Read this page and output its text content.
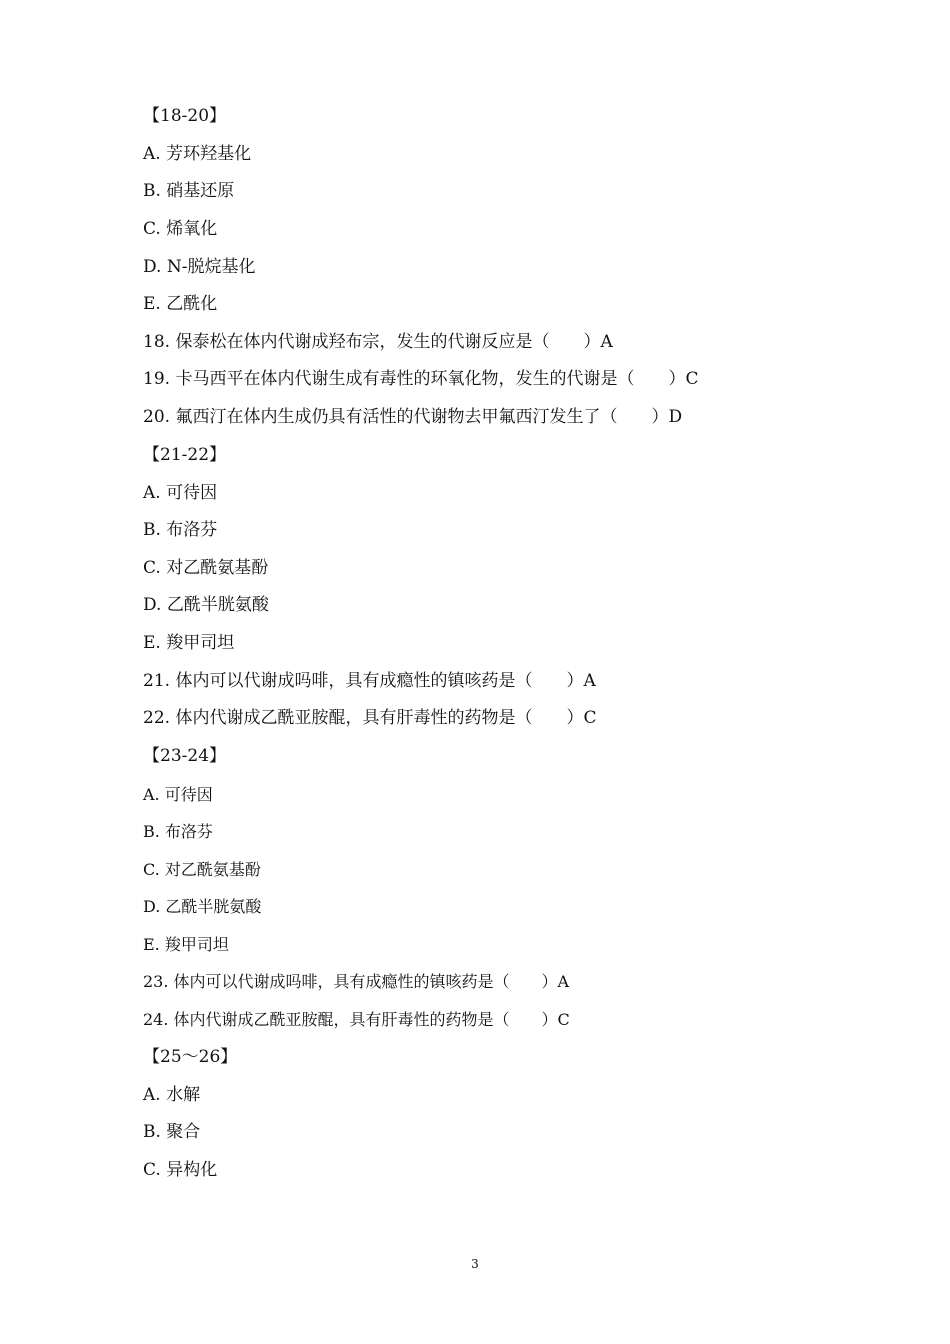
【18-20】
A. 芳环羟基化
B. 硝基还原
C. 烯氧化
D. N-脱烷基化
E. 乙酰化
18. 保泰松在体内代谢成羟布宗，发生的代谢反应是（　　）A
19. 卡马西平在体内代谢生成有毒性的环氧化物，发生的代谢是（　　）C
20. 氟西汀在体内生成仍具有活性的代谢物去甲氟西汀发生了（　　）D
【21-22】
A. 可待因
B. 布洛芬
C. 对乙酰氨基酚
D. 乙酰半胱氨酸
E. 羧甲司坦
21. 体内可以代谢成吗啡，具有成瘾性的镇咳药是（　　）A
22. 体内代谢成乙酰亚胺醌，具有肝毒性的药物是（　　）C
【23-24】
A. 可待因
B. 布洛芬
C. 对乙酰氨基酚
D. 乙酰半胱氨酸
E. 羧甲司坦
23. 体内可以代谢成吗啡，具有成瘾性的镇咳药是（　　）A
24. 体内代谢成乙酰亚胺醌，具有肝毒性的药物是（　　）C
【25～26】
A. 水解
B. 聚合
C. 异构化
3
